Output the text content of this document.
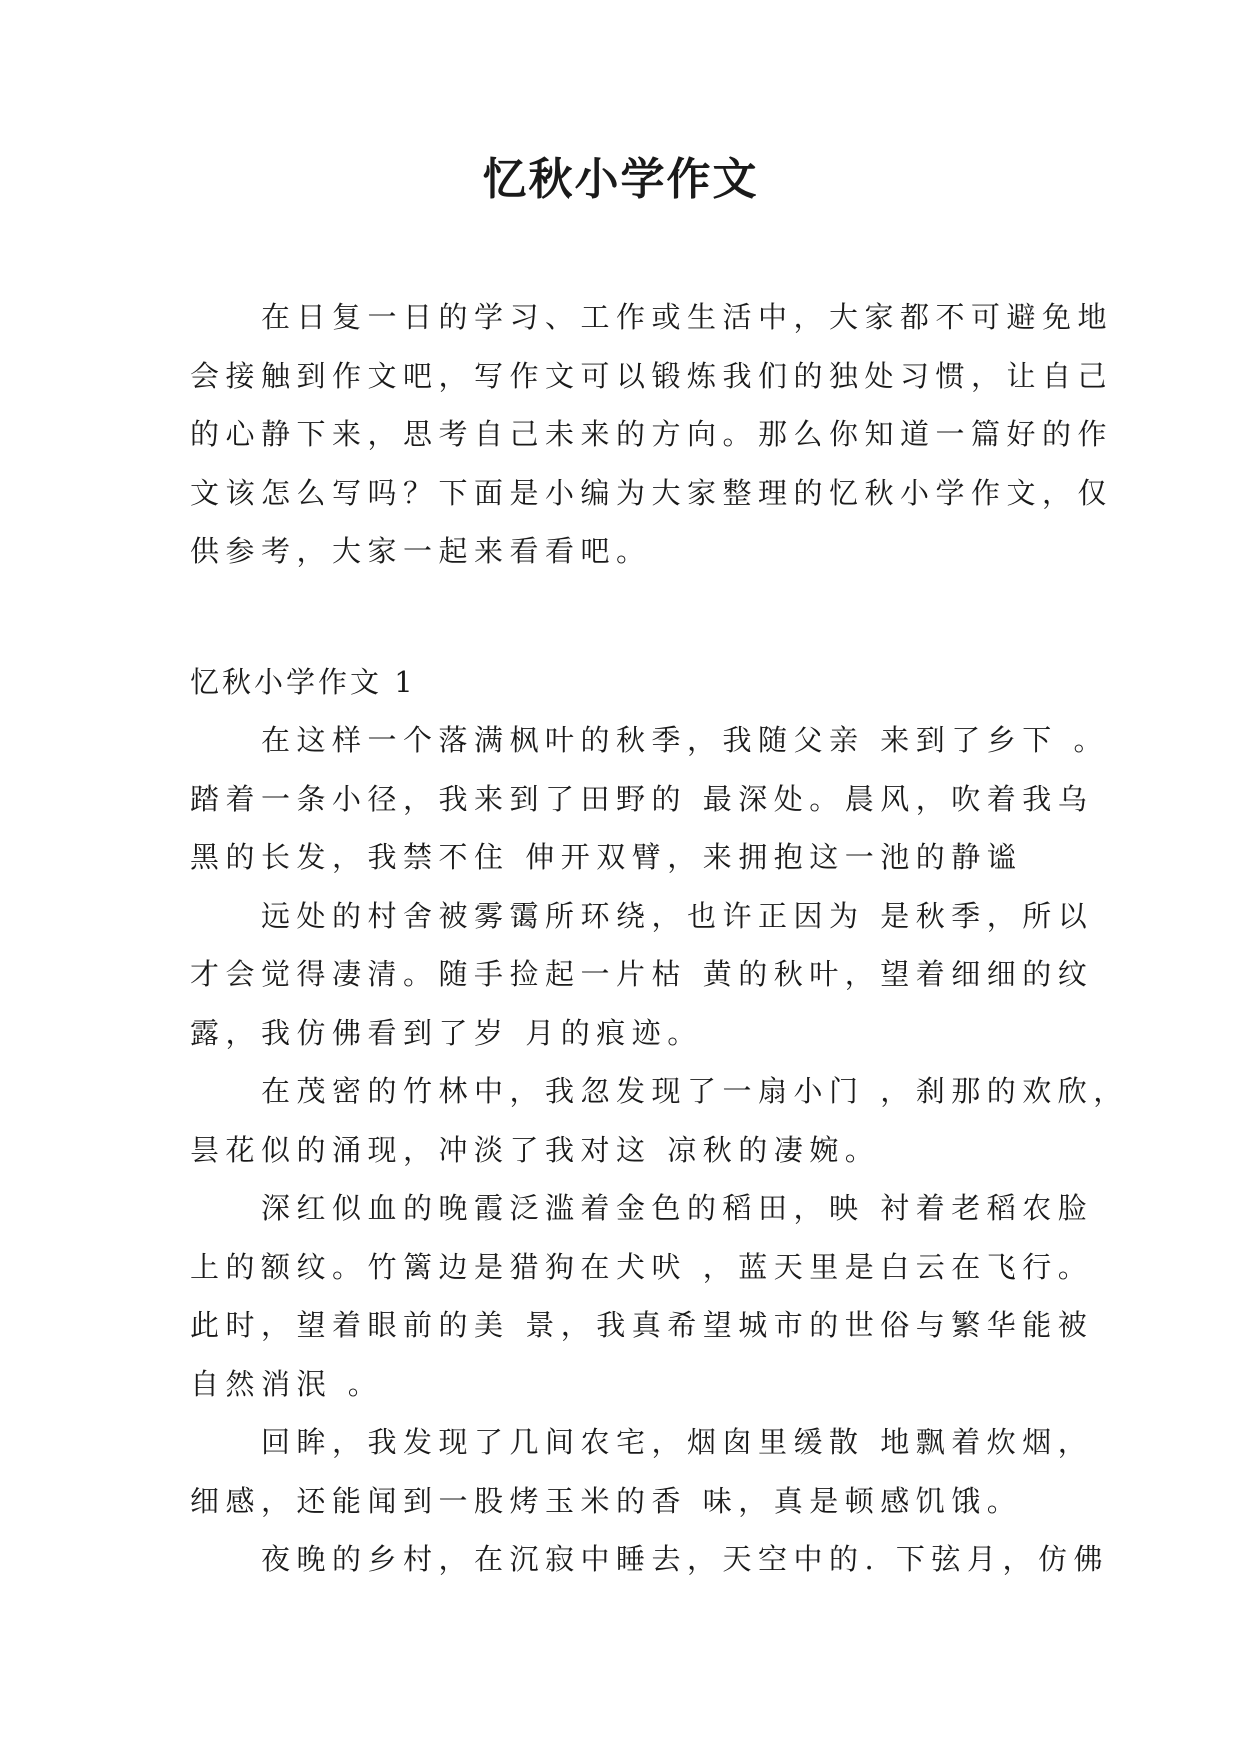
忆秋小学作文
　　在日复一日的学习、工作或生活中，大家都不可避免地
会接触到作文吧，写作文可以锻炼我们的独处习惯，让自己
的心静下来，思考自己未来的方向。那么你知道一篇好的作
文该怎么写吗？下面是小编为大家整理的忆秋小学作文，仅
供参考，大家一起来看看吧。
忆秋小学作文 1
　　在这样一个落满枫叶的秋季，我随父亲 来到了乡下 。
踏着一条小径，我来到了田野的 最深处。晨风，吹着我乌
黑的长发，我禁不住 伸开双臂，来拥抱这一池的静谧
　　远处的村舍被雾霭所环绕，也许正因为 是秋季，所以
才会觉得凄清。随手捡起一片枯 黄的秋叶，望着细细的纹
露，我仿佛看到了岁 月的痕迹。
　　在茂密的竹林中，我忽发现了一扇小门 ，刹那的欢欣，
昙花似的涌现，冲淡了我对这 凉秋的凄婉。
　　深红似血的晚霞泛滥着金色的稻田，映 衬着老稻农脸
上的额纹。竹篱边是猎狗在犬吠 ，蓝天里是白云在飞行。
此时，望着眼前的美 景，我真希望城市的世俗与繁华能被
自然消泯 。
　　回眸，我发现了几间农宅，烟囱里缓散 地飘着炊烟，
细感，还能闻到一股烤玉米的香 味，真是顿感饥饿。
　　夜晚的乡村，在沉寂中睡去，天空中的. 下弦月，仿佛
